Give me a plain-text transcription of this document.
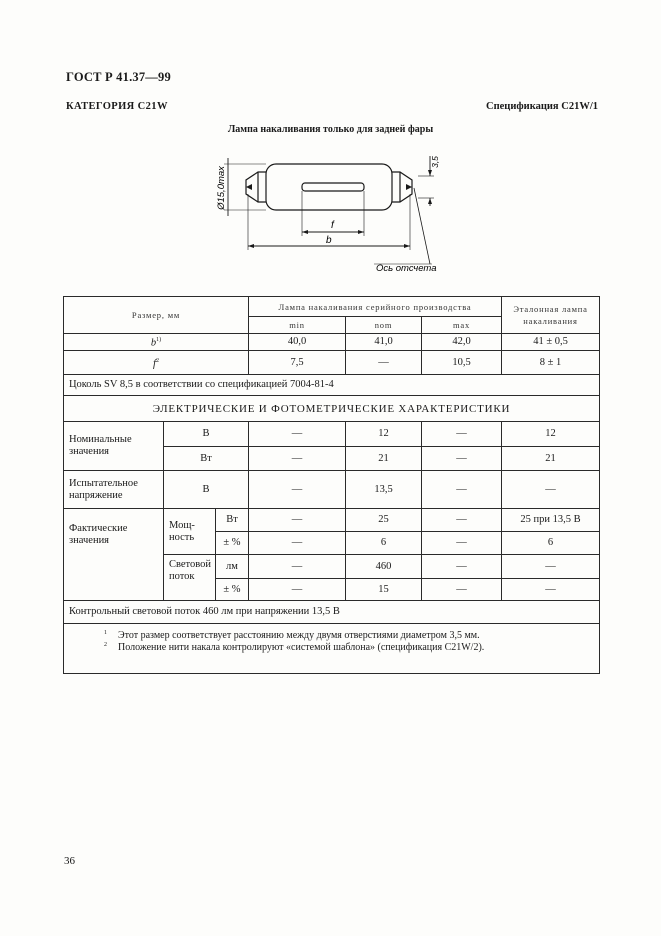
ГОСТ Р 41.37—99
КАТЕГОРИЯ C21W	Спецификация C21W/1
Лампа накаливания только для задней фары
Ø15,0max
3,5
f
b
Ось отсчета
Размер, мм			Лампа накаливания серийного производства			Эталонная лампа накаливания
			min	nom	max	
$b^{1)}$			40,0	41,0	42,0	41 ± 0,5
$f^2$			7,5	—	10,5	8 ± 1
Цоколь SV 8,5 в соответствии со спецификацией 7004-81-4						
ЭЛЕКТРИЧЕСКИЕ И ФОТОМЕТРИЧЕСКИЕ ХАРАКТЕРИСТИКИ						
Номинальные значения	В		—	12	—	12
	Вт		—	21	—	21
Испытательное напряжение	В		—	13,5	—	—
Фактические значения	Мощ- ность	Вт	—	25	—	25 при 13,5 В
		± %	—	6	—	6
	Световой поток	лм	—	460	—	—
		± %	—	15	—	—
Контрольный световой поток 460 лм при напряжении 13,5 В						

1 Этот размер соответствует расстоянию между двумя отверстиями диаметром 3,5 мм.
2 Положение нити накала контролируют «системой шаблона» (спецификация C21W/2).						
36
